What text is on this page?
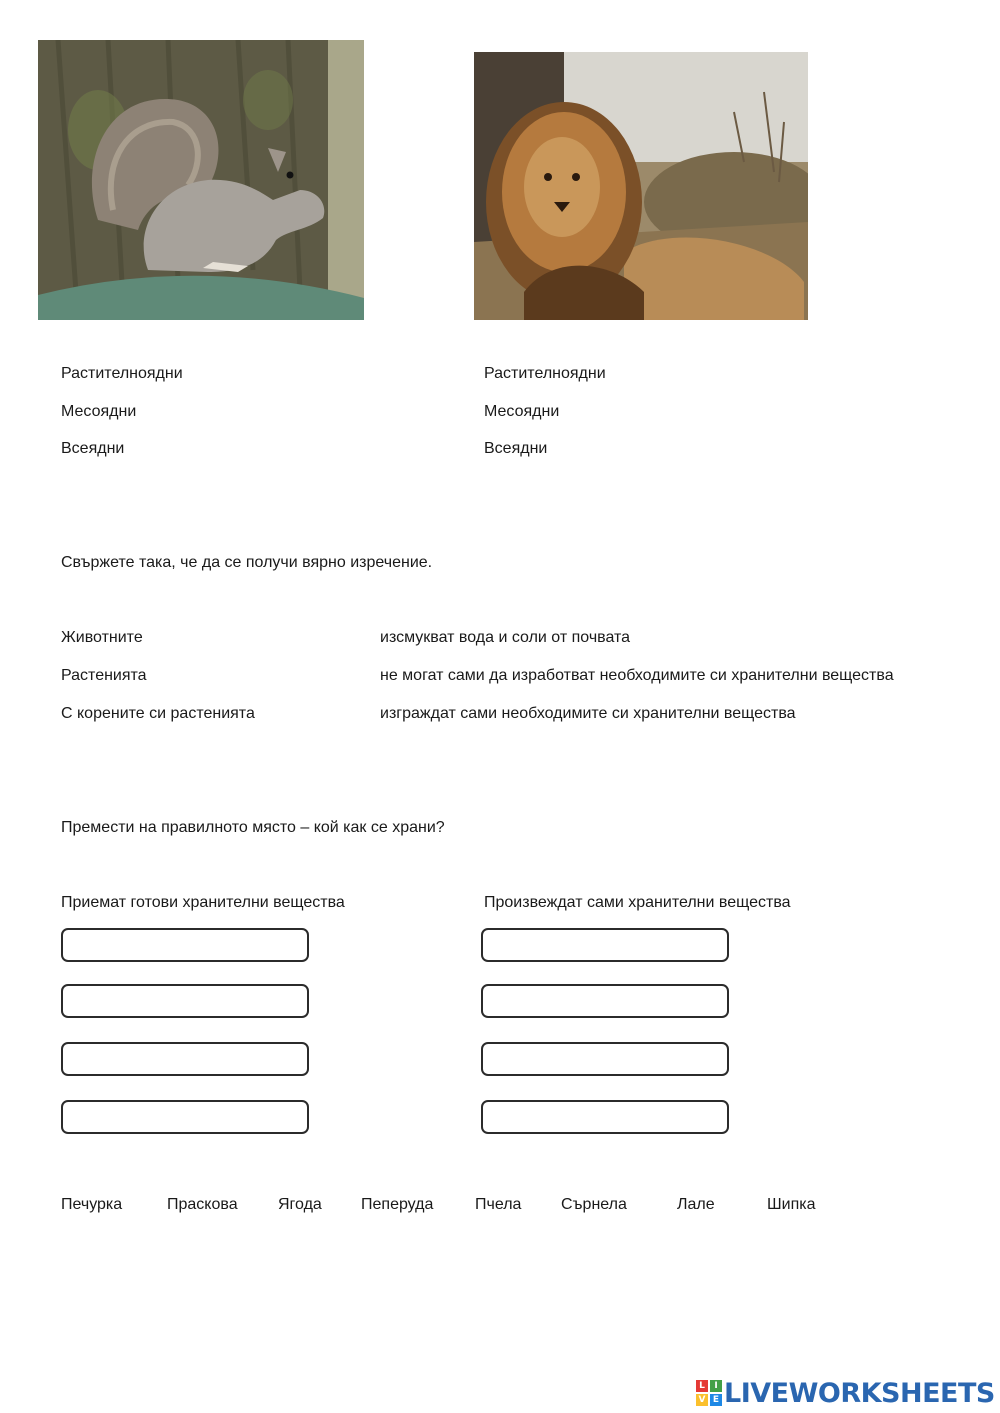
Растителноядни
Месоядни
Всеядни
Растителноядни
Месоядни
Всеядни
Свържете така, че да се получи вярно изречение.
Животните
Растенията
С корените си растенията
изсмукват вода и соли от почвата
не могат сами да изработват необходимите си хранителни вещества
изграждат сами необходимите си хранителни вещества
Премести на правилното място – кой как се храни?
Приемат готови хранителни вещества	Произвеждат сами хранителни вещества
Печурка	Праскова	Ягода Пеперуда	Пчела Сърнела	Лале	Шипка
L	I
V E LIVEWORKSHEETS
